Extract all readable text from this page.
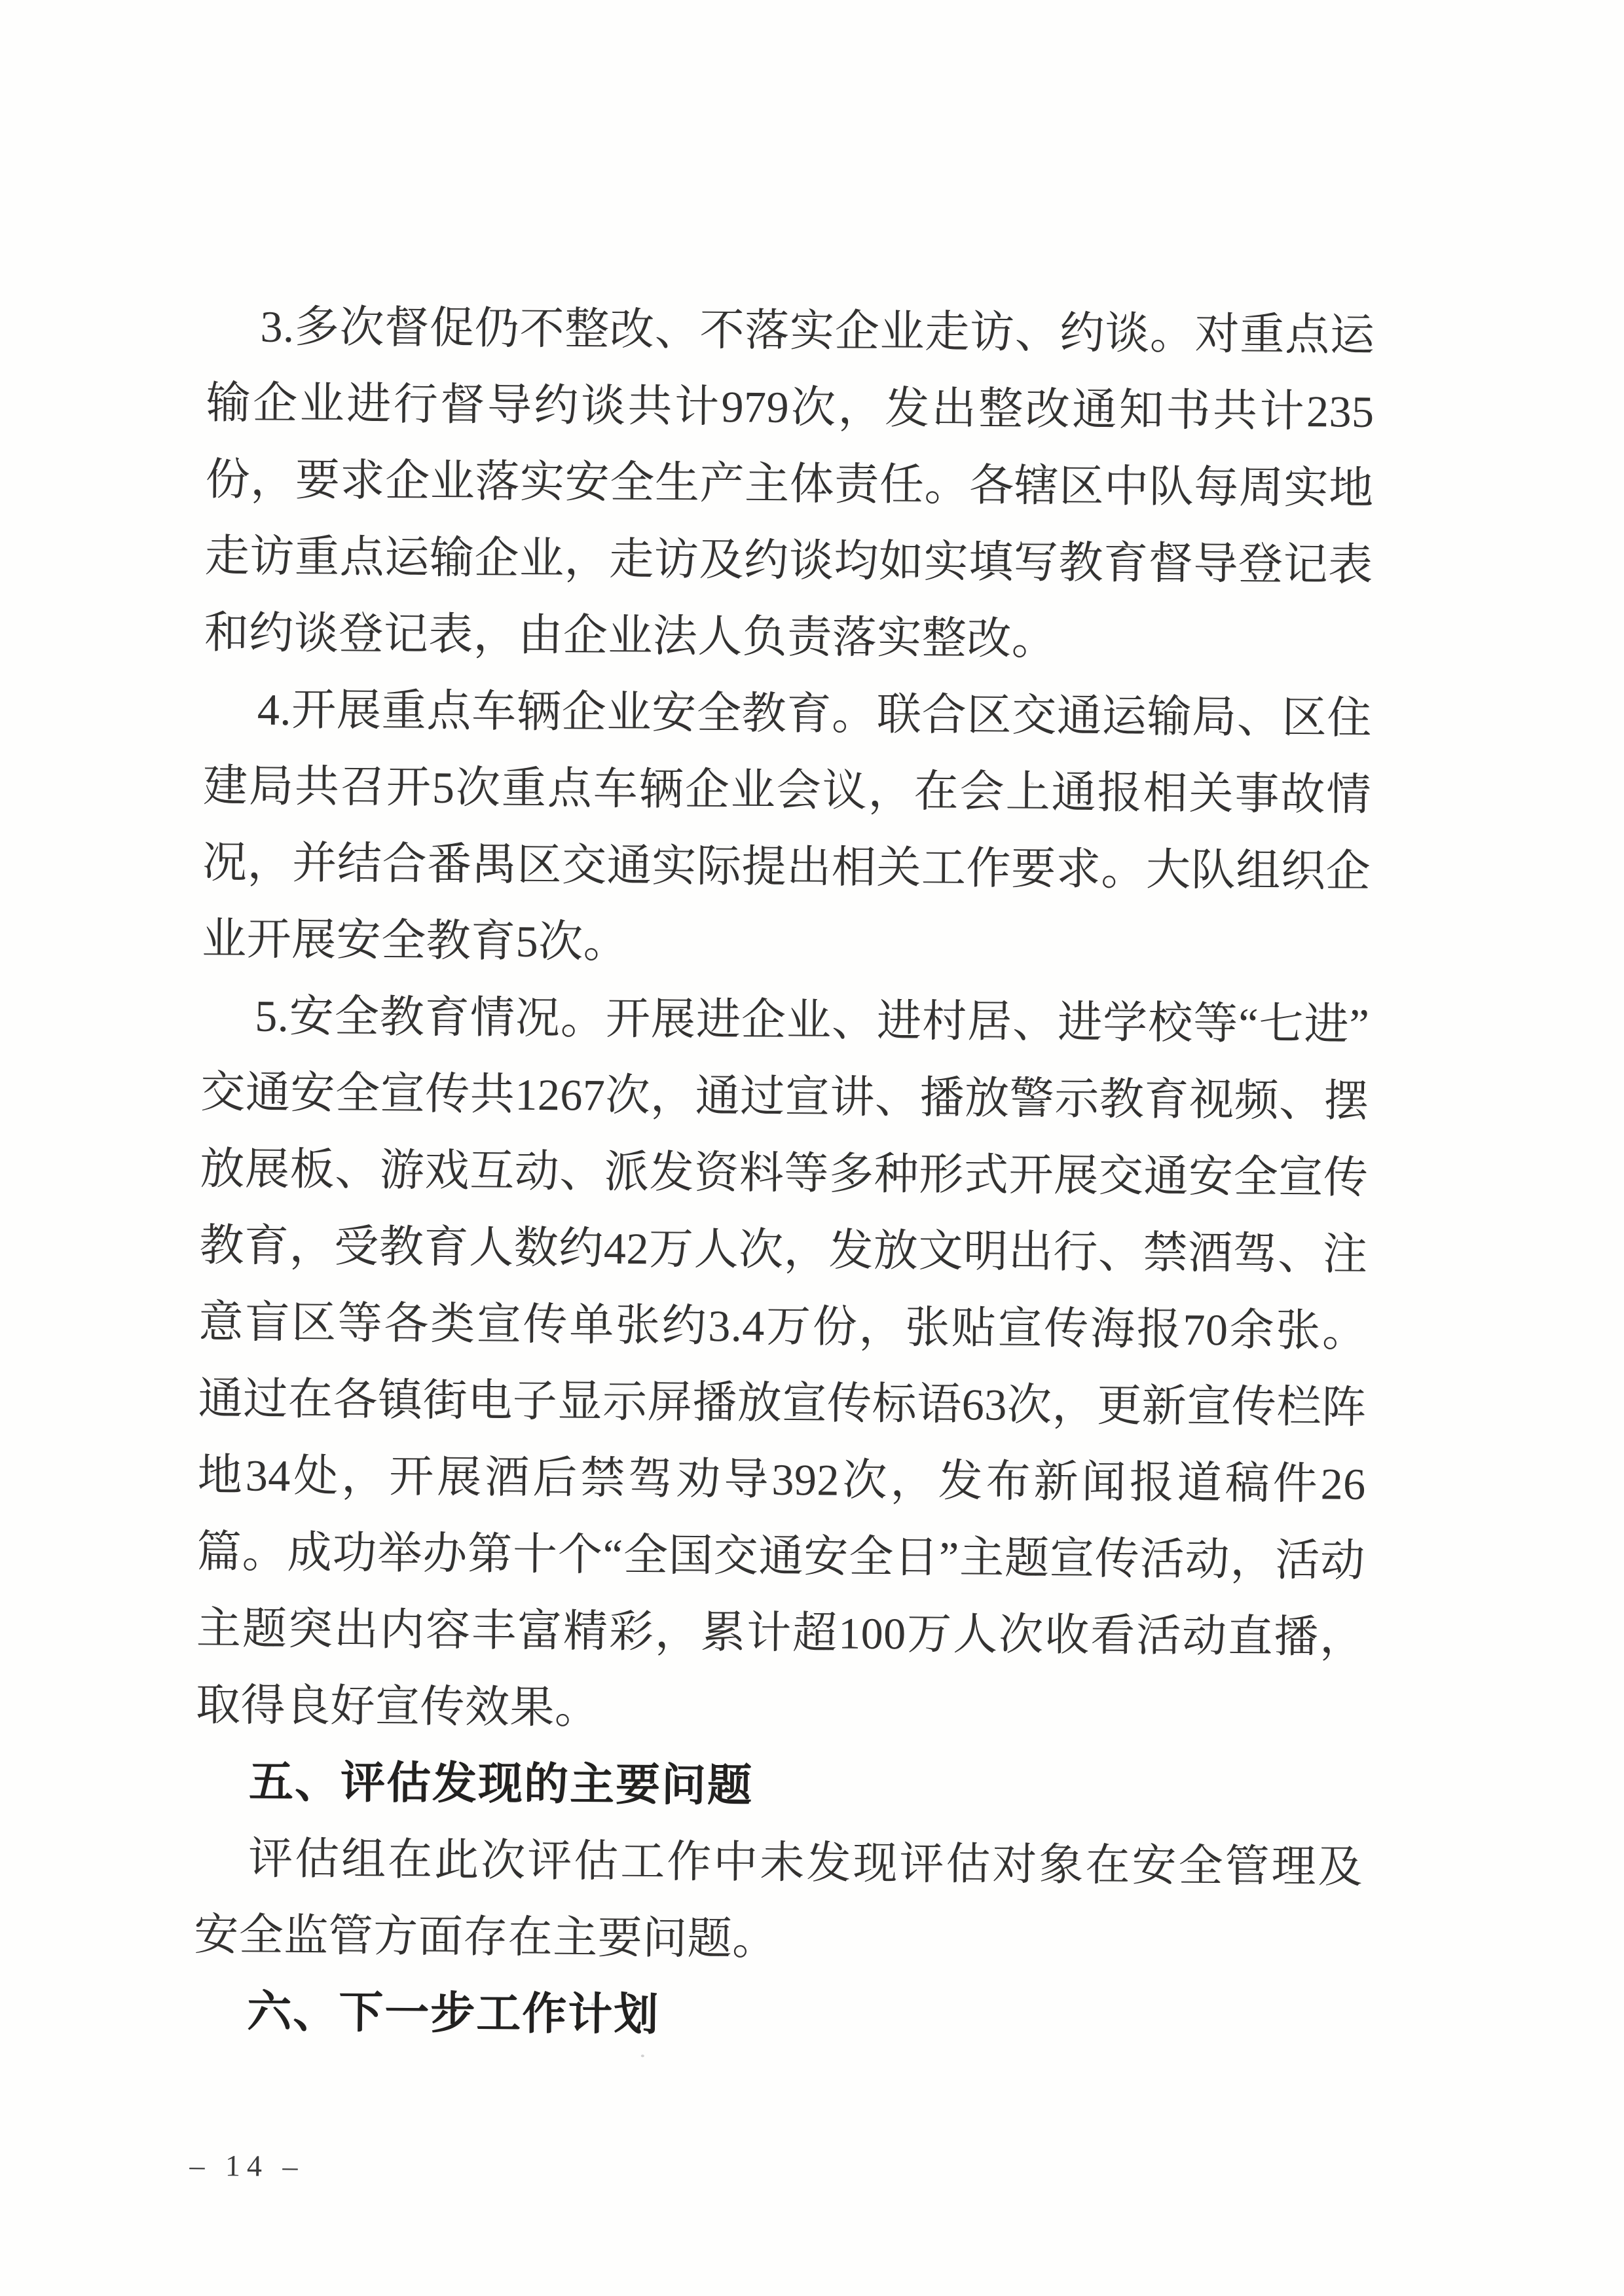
3.多次督促仍不整改、不落实企业走访、约谈。对重点运输企业进行督导约谈共计979次，发出整改通知书共计235份，要求企业落实安全生产主体责任。各辖区中队每周实地走访重点运输企业，走访及约谈均如实填写教育督导登记表和约谈登记表，由企业法人负责落实整改。

4.开展重点车辆企业安全教育。联合区交通运输局、区住建局共召开5次重点车辆企业会议，在会上通报相关事故情况，并结合番禺区交通实际提出相关工作要求。大队组织企业开展安全教育5次。

5.安全教育情况。开展进企业、进村居、进学校等“七进”交通安全宣传共1267次，通过宣讲、播放警示教育视频、摆放展板、游戏互动、派发资料等多种形式开展交通安全宣传教育，受教育人数约42万人次，发放文明出行、禁酒驾、注意盲区等各类宣传单张约3.4万份，张贴宣传海报70余张。通过在各镇街电子显示屏播放宣传标语63次，更新宣传栏阵地34处，开展酒后禁驾劝导392次，发布新闻报道稿件26篇。成功举办第十个“全国交通安全日”主题宣传活动，活动主题突出内容丰富精彩，累计超100万人次收看活动直播，取得良好宣传效果。

五、评估发现的主要问题

评估组在此次评估工作中未发现评估对象在安全管理及安全监管方面存在主要问题。

六、下一步工作计划
– 14 –
